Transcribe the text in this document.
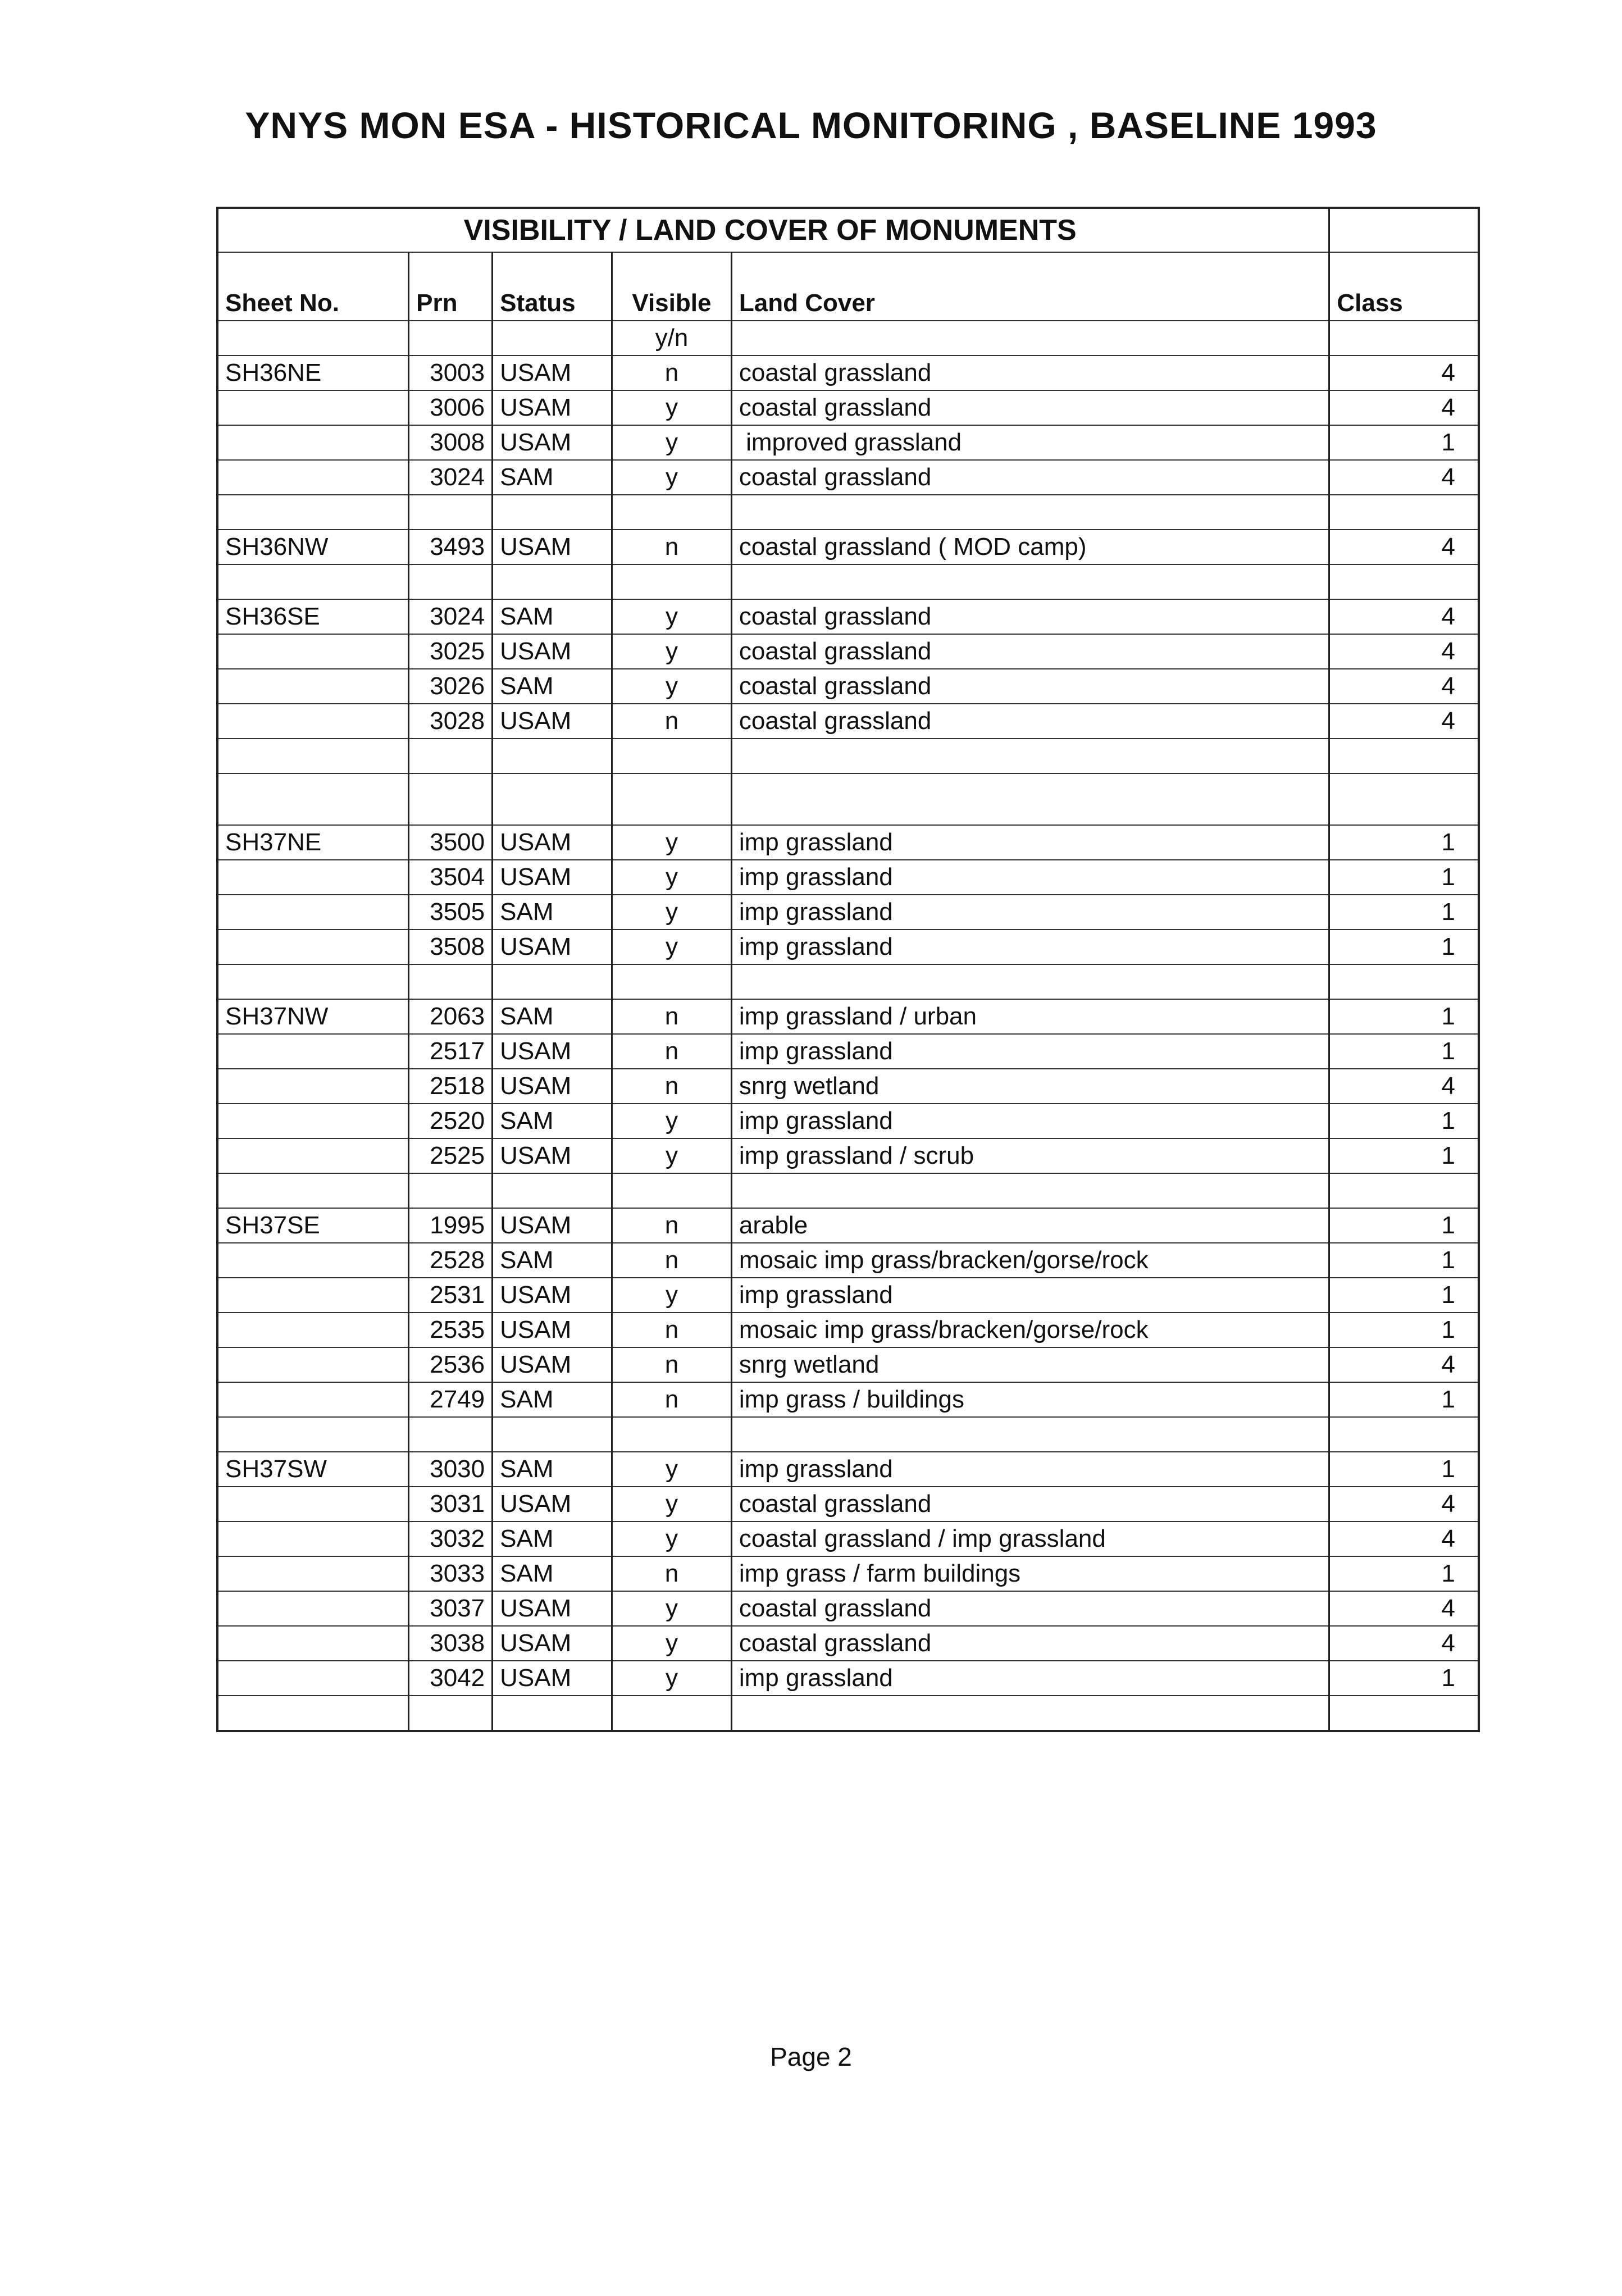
YNYS MON ESA - HISTORICAL MONITORING , BASELINE 1993
VISIBILITY / LAND COVER OF MONUMENTS					

Sheet No.	Prn	Status	Visible	Land Cover	Class
			y/n		
SH36NE	3003	USAM	n	coastal grassland	4
	3006	USAM	y	coastal grassland	4
	3008	USAM	y	improved grassland	1
	3024	SAM	y	coastal grassland	4

SH36NW	3493	USAM	n	coastal grassland ( MOD camp)	4

SH36SE	3024	SAM	y	coastal grassland	4
	3025	USAM	y	coastal grassland	4
	3026	SAM	y	coastal grassland	4
	3028	USAM	n	coastal grassland	4

SH37NE	3500	USAM	y	imp grassland	1
	3504	USAM	y	imp grassland	1
	3505	SAM	y	imp grassland	1
	3508	USAM	y	imp grassland	1

SH37NW	2063	SAM	n	imp grassland / urban	1
	2517	USAM	n	imp grassland	1
	2518	USAM	n	snrg wetland	4
	2520	SAM	y	imp grassland	1
	2525	USAM	y	imp grassland / scrub	1

SH37SE	1995	USAM	n	arable	1
	2528	SAM	n	mosaic imp grass/bracken/gorse/rock	1
	2531	USAM	y	imp grassland	1
	2535	USAM	n	mosaic imp grass/bracken/gorse/rock	1
	2536	USAM	n	snrg wetland	4
	2749	SAM	n	imp grass / buildings	1

SH37SW	3030	SAM	y	imp grassland	1
	3031	USAM	y	coastal grassland	4
	3032	SAM	y	coastal grassland / imp grassland	4
	3033	SAM	n	imp grass / farm buildings	1
	3037	USAM	y	coastal grassland	4
	3038	USAM	y	coastal grassland	4
	3042	USAM	y	imp grassland	1

Page 2
